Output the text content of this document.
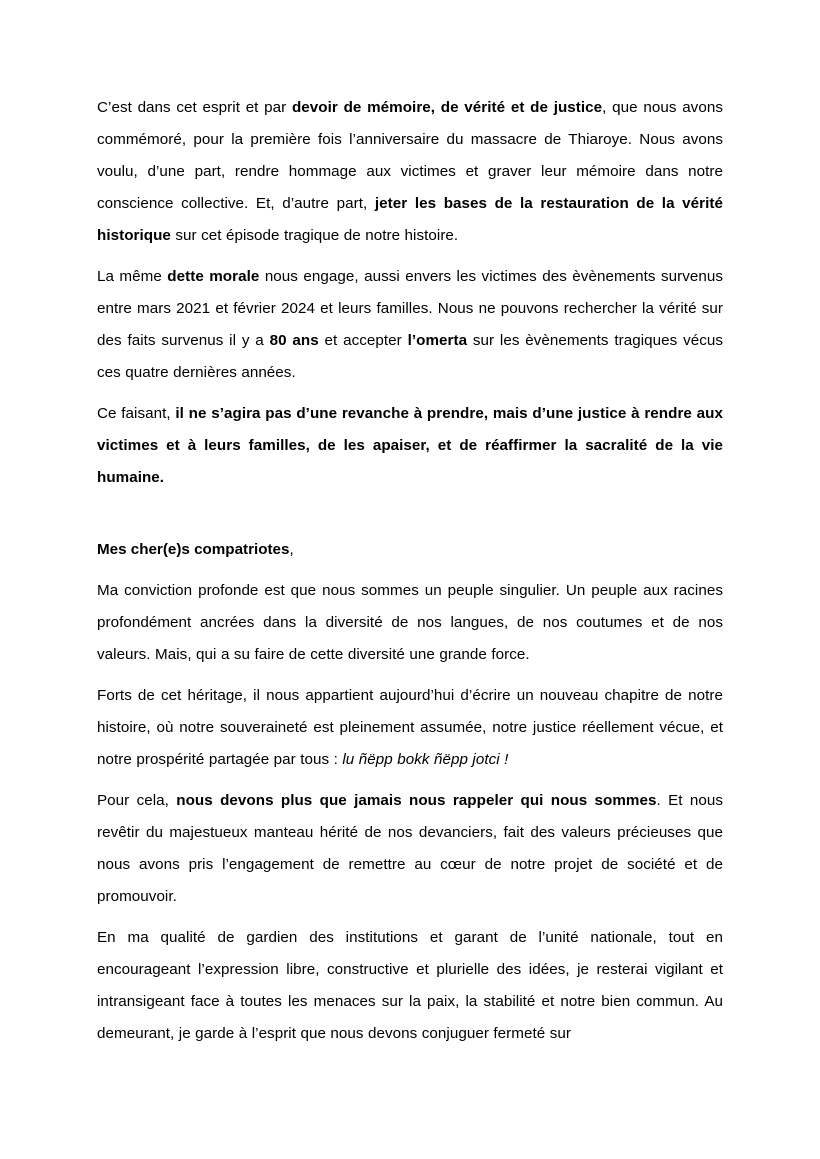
C’est dans cet esprit et par devoir de mémoire, de vérité et de justice, que nous avons commémoré, pour la première fois l’anniversaire du massacre de Thiaroye. Nous avons voulu, d’une part, rendre hommage aux victimes et graver leur mémoire dans notre conscience collective. Et, d’autre part, jeter les bases de la restauration de la vérité historique sur cet épisode tragique de notre histoire.

La même dette morale nous engage, aussi envers les victimes des èvènements survenus entre mars 2021 et février 2024 et leurs familles. Nous ne pouvons rechercher la vérité sur des faits survenus il y a 80 ans et accepter l’omerta sur les èvènements tragiques vécus ces quatre dernières années.

Ce faisant, il ne s’agira pas d’une revanche à prendre, mais d’une justice à rendre aux victimes et à leurs familles, de les apaiser, et de réaffirmer la sacralité de la vie humaine.

Mes cher(e)s compatriotes,

Ma conviction profonde est que nous sommes un peuple singulier. Un peuple aux racines profondément ancrées dans la diversité de nos langues, de nos coutumes et de nos valeurs. Mais, qui a su faire de cette diversité une grande force.

Forts de cet héritage, il nous appartient aujourd’hui d’écrire un nouveau chapitre de notre histoire, où notre souveraineté est pleinement assumée, notre justice réellement vécue, et notre prospérité partagée par tous : lu ñëpp bokk ñëpp jotci !

Pour cela, nous devons plus que jamais nous rappeler qui nous sommes. Et nous revêtir du majestueux manteau hérité de nos devanciers, fait des valeurs précieuses que nous avons pris l’engagement de remettre au cœur de notre projet de société et de promouvoir.

En ma qualité de gardien des institutions et garant de l’unité nationale, tout en encourageant l’expression libre, constructive et plurielle des idées, je resterai vigilant et intransigeant face à toutes les menaces sur la paix, la stabilité et notre bien commun. Au demeurant, je garde à l’esprit que nous devons conjuguer fermeté sur
